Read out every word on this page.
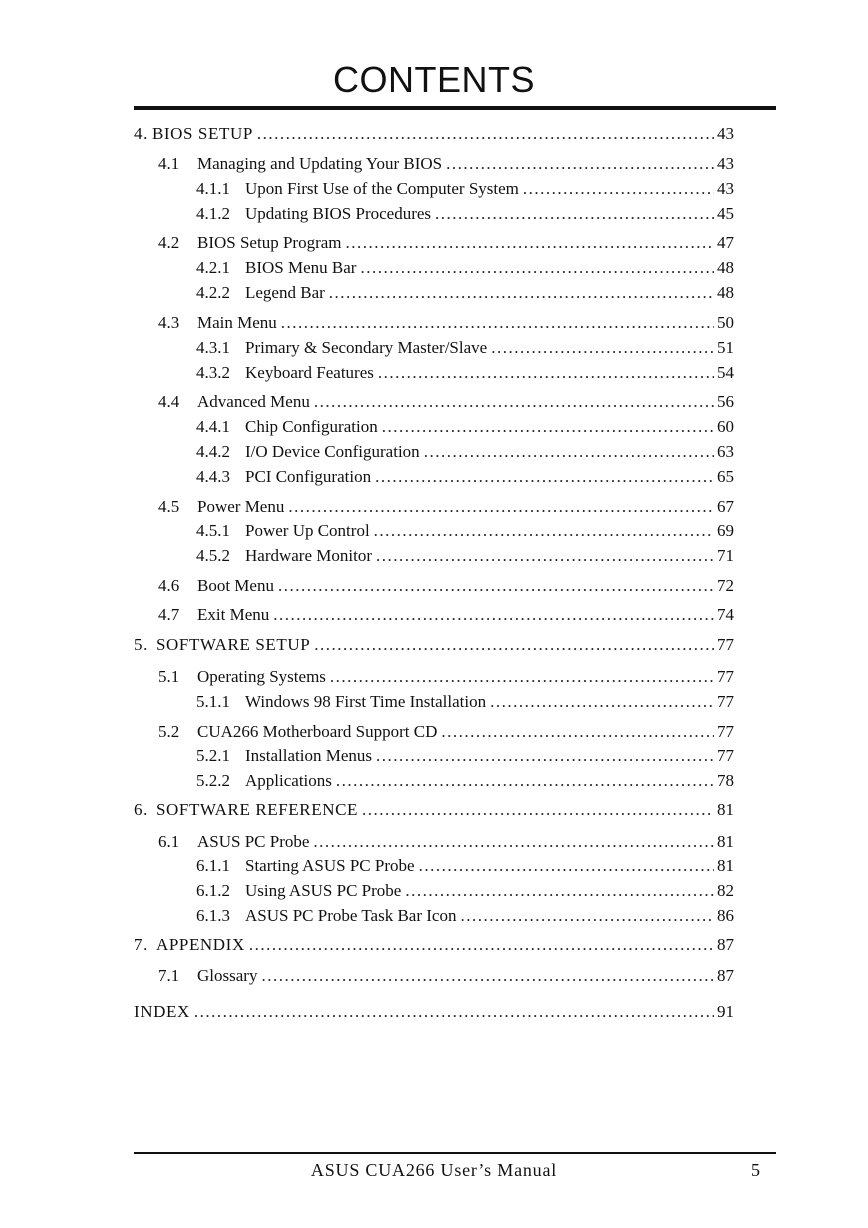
CONTENTS
4. BIOS SETUP .....	43
4.1	Managing and Updating Your BIOS .....	43
4.1.1 Upon First Use of the Computer System .....	43
4.1.2 Updating BIOS Procedures .....	45
4.2	BIOS Setup Program .....	47
4.2.1 BIOS Menu Bar .....	48
4.2.2 Legend Bar .....	48
4.3	Main Menu .....	50
4.3.1 Primary & Secondary Master/Slave .....	51
4.3.2 Keyboard Features .....	54
4.4	Advanced Menu .....	56
4.4.1 Chip Configuration .....	60
4.4.2 I/O Device Configuration .....	63
4.4.3 PCI Configuration .....	65
4.5	Power Menu .....	67
4.5.1 Power Up Control .....	69
4.5.2 Hardware Monitor .....	71
4.6	Boot Menu .....	72
4.7	Exit Menu .....	74
5. SOFTWARE SETUP .....	77
5.1	Operating Systems .....	77
5.1.1 Windows 98 First Time Installation .....	77
5.2	CUA266 Motherboard Support CD .....	77
5.2.1 Installation Menus .....	77
5.2.2 Applications .....	78
6. SOFTWARE REFERENCE .....	81
6.1	ASUS PC Probe .....	81
6.1.1 Starting ASUS PC Probe .....	81
6.1.2 Using ASUS PC Probe .....	82
6.1.3 ASUS PC Probe Task Bar Icon .....	86
7. APPENDIX .....	87
7.1	Glossary .....	87
INDEX .....	91
ASUS CUA266 User’s Manual	5
